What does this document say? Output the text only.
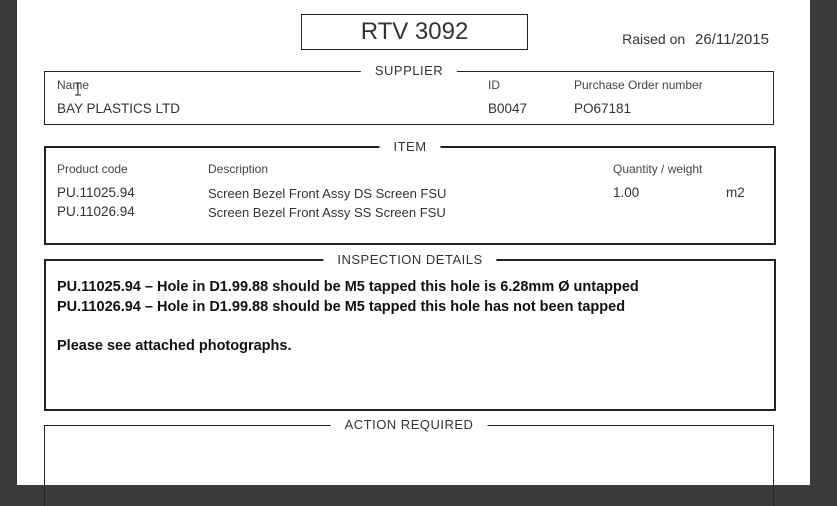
RTV 3092	Raised on 26/11/2015
SUPPLIER
Name
BAY PLASTICS LTD
ID
B0047
Purchase Order number
PO67181
ITEM
Product code	Description	Quantity / weight
PU.11025.94	Screen Bezel Front Assy DS Screen FSU	1.00	m2
PU.11026.94	Screen Bezel Front Assy SS Screen FSU
INSPECTION DETAILS
PU.11025.94 – Hole in D1.99.88 should be M5 tapped this hole is 6.28mm Ø untapped
PU.11026.94 – Hole in D1.99.88 should be M5 tapped this hole has not been tapped
Please see attached photographs.
ACTION REQUIRED
